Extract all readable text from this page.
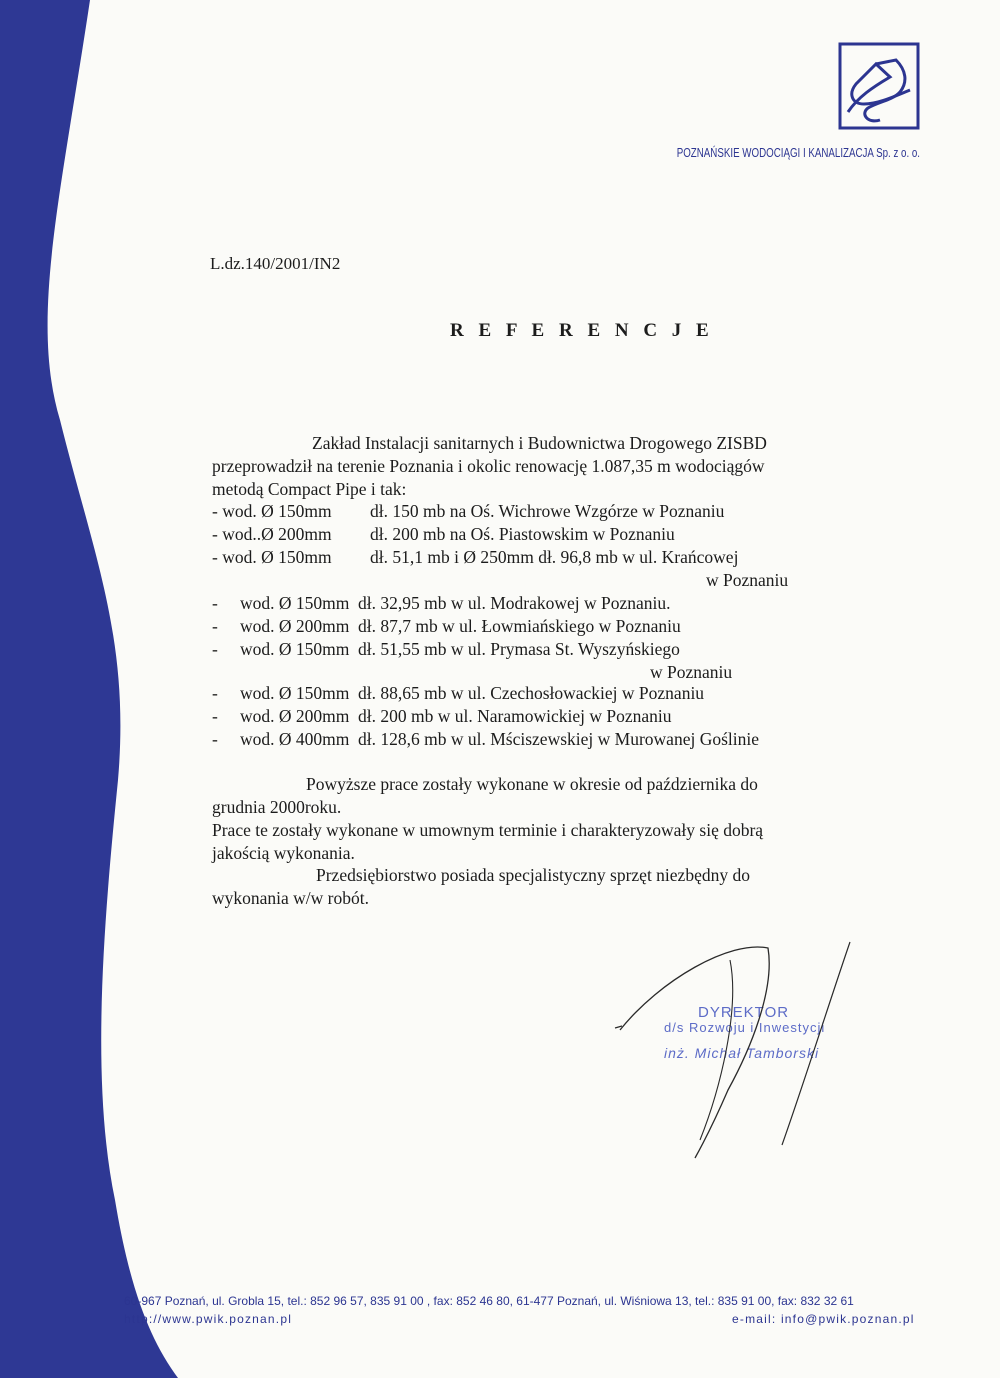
POZNAŃSKIE WODOCIĄGI I KANALIZACJA Sp. z o. o.
L.dz.140/2001/IN2
R E F E R E N C J E
Zakład Instalacji sanitarnych i Budownictwa Drogowego ZISBD
przeprowadził na terenie Poznania i okolic renowację 1.087,35 m wodociągów
metodą Compact Pipe i tak:
- wod. Ø 150mm dł. 150 mb na Oś. Wichrowe Wzgórze w Poznaniu
- wod..Ø 200mm dł. 200 mb na Oś. Piastowskim w Poznaniu
- wod. Ø 150mm dł. 51,1 mb i Ø 250mm dł. 96,8 mb w ul. Krańcowej
w Poznaniu
- wod. Ø 150mm dł. 32,95 mb w ul. Modrakowej w Poznaniu.
- wod. Ø 200mm dł. 87,7 mb w ul. Łowmiańskiego w Poznaniu
- wod. Ø 150mm dł. 51,55 mb w ul. Prymasa St. Wyszyńskiego
w Poznaniu
- wod. Ø 150mm dł. 88,65 mb w ul. Czechosłowackiej w Poznaniu
- wod. Ø 200mm dł. 200 mb w ul. Naramowickiej w Poznaniu
- wod. Ø 400mm dł. 128,6 mb w ul. Mściszewskiej w Murowanej Goślinie
Powyższe prace zostały wykonane w okresie od października do
grudnia 2000roku.
Prace te zostały wykonane w umownym terminie i charakteryzowały się dobrą
jakością wykonania.
Przedsiębiorstwo posiada specjalistyczny sprzęt niezbędny do
wykonania w/w robót.
DYREKTOR
d/s Rozwoju i Inwestycji
inż. Michał Tamborski
60-967 Poznań, ul. Grobla 15, tel.: 852 96 57, 835 91 00 , fax: 852 46 80, 61-477 Poznań, ul. Wiśniowa 13, tel.: 835 91 00, fax: 832 32 61
http://www.pwik.poznan.pl	e-mail: info@pwik.poznan.pl
